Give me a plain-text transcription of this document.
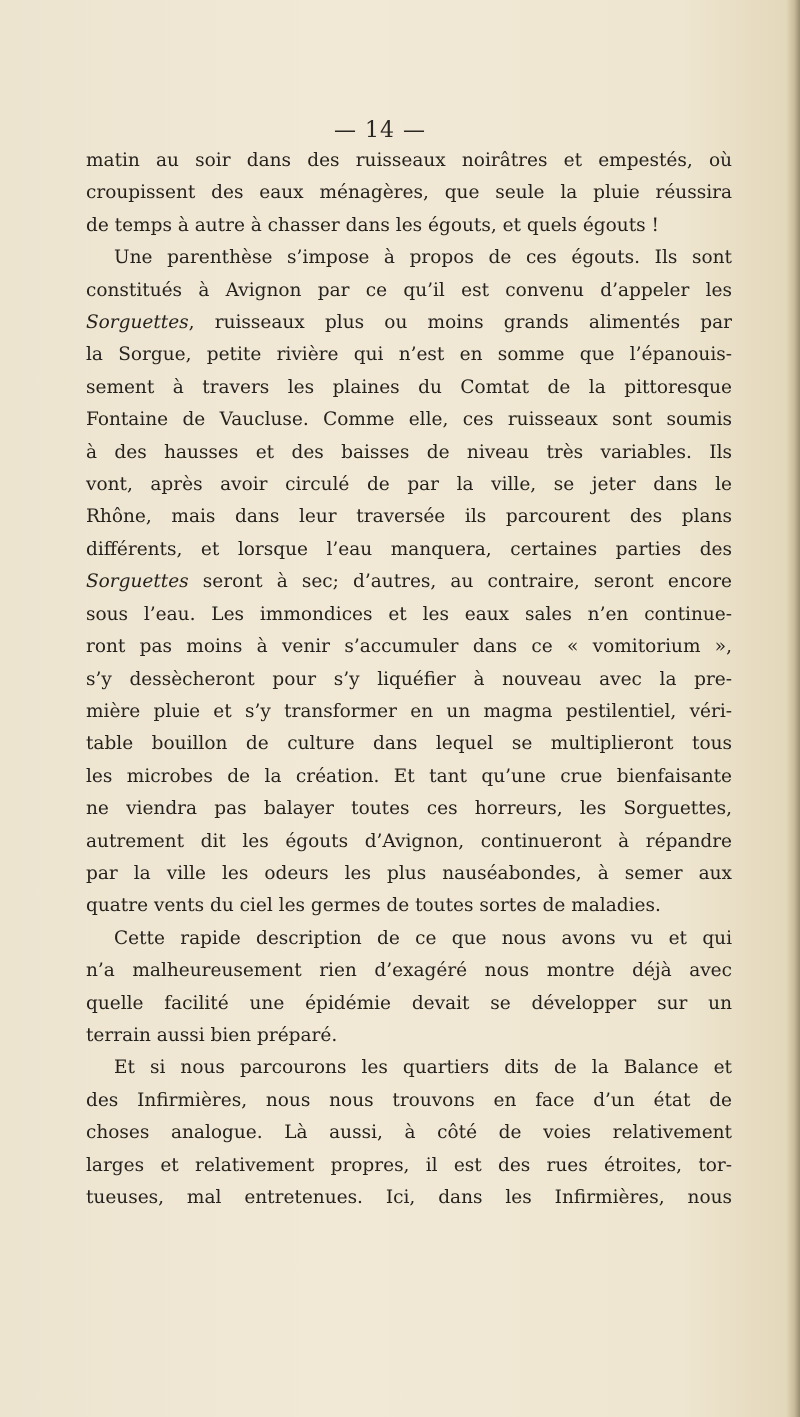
— 14 —
matin au soir dans des ruisseaux noirâtres et empestés, où
croupissent des eaux ménagères, que seule la pluie réussira
de temps à autre à chasser dans les égouts, et quels égouts !
Une parenthèse s’impose à propos de ces égouts. Ils sont
constitués à Avignon par ce qu’il est convenu d’appeler les
Sorguettes, ruisseaux plus ou moins grands alimentés par
la Sorgue, petite rivière qui n’est en somme que l’épanouis-
sement à travers les plaines du Comtat de la pittoresque
Fontaine de Vaucluse. Comme elle, ces ruisseaux sont soumis
à des hausses et des baisses de niveau très variables. Ils
vont, après avoir circulé de par la ville, se jeter dans le
Rhône, mais dans leur traversée ils parcourent des plans
différents, et lorsque l’eau manquera, certaines parties des
Sorguettes seront à sec; d’autres, au contraire, seront encore
sous l’eau. Les immondices et les eaux sales n’en continue-
ront pas moins à venir s’accumuler dans ce « vomitorium »,
s’y dessècheront pour s’y liquéfier à nouveau avec la pre-
mière pluie et s’y transformer en un magma pestilentiel, véri-
table bouillon de culture dans lequel se multiplieront tous
les microbes de la création. Et tant qu’une crue bienfaisante
ne viendra pas balayer toutes ces horreurs, les Sorguettes,
autrement dit les égouts d’Avignon, continueront à répandre
par la ville les odeurs les plus nauséabondes, à semer aux
quatre vents du ciel les germes de toutes sortes de maladies.
Cette rapide description de ce que nous avons vu et qui
n’a malheureusement rien d’exagéré nous montre déjà avec
quelle facilité une épidémie devait se développer sur un
terrain aussi bien préparé.
Et si nous parcourons les quartiers dits de la Balance et
des Infirmières, nous nous trouvons en face d’un état de
choses analogue. Là aussi, à côté de voies relativement
larges et relativement propres, il est des rues étroites, tor-
tueuses, mal entretenues. Ici, dans les Infirmières, nous
